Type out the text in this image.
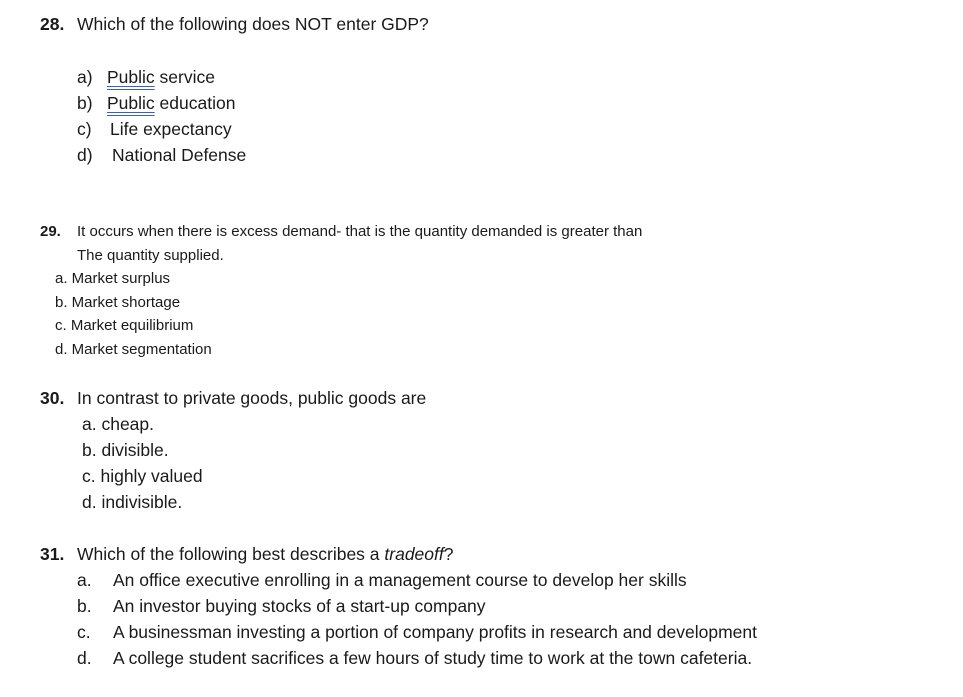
28. Which of the following does NOT enter GDP?
a) Public service
b) Public education
c) Life expectancy
d) National Defense
29. It occurs when there is excess demand- that is the quantity demanded is greater than
The quantity supplied.
a. Market surplus
b. Market shortage
c. Market equilibrium
d. Market segmentation
30. In contrast to private goods, public goods are
a. cheap.
b. divisible.
c. highly valued
d. indivisible.
31. Which of the following best describes a tradeoff?
a. An office executive enrolling in a management course to develop her skills
b. An investor buying stocks of a start-up company
c. A businessman investing a portion of company profits in research and development
d. A college student sacrifices a few hours of study time to work at the town cafeteria.
